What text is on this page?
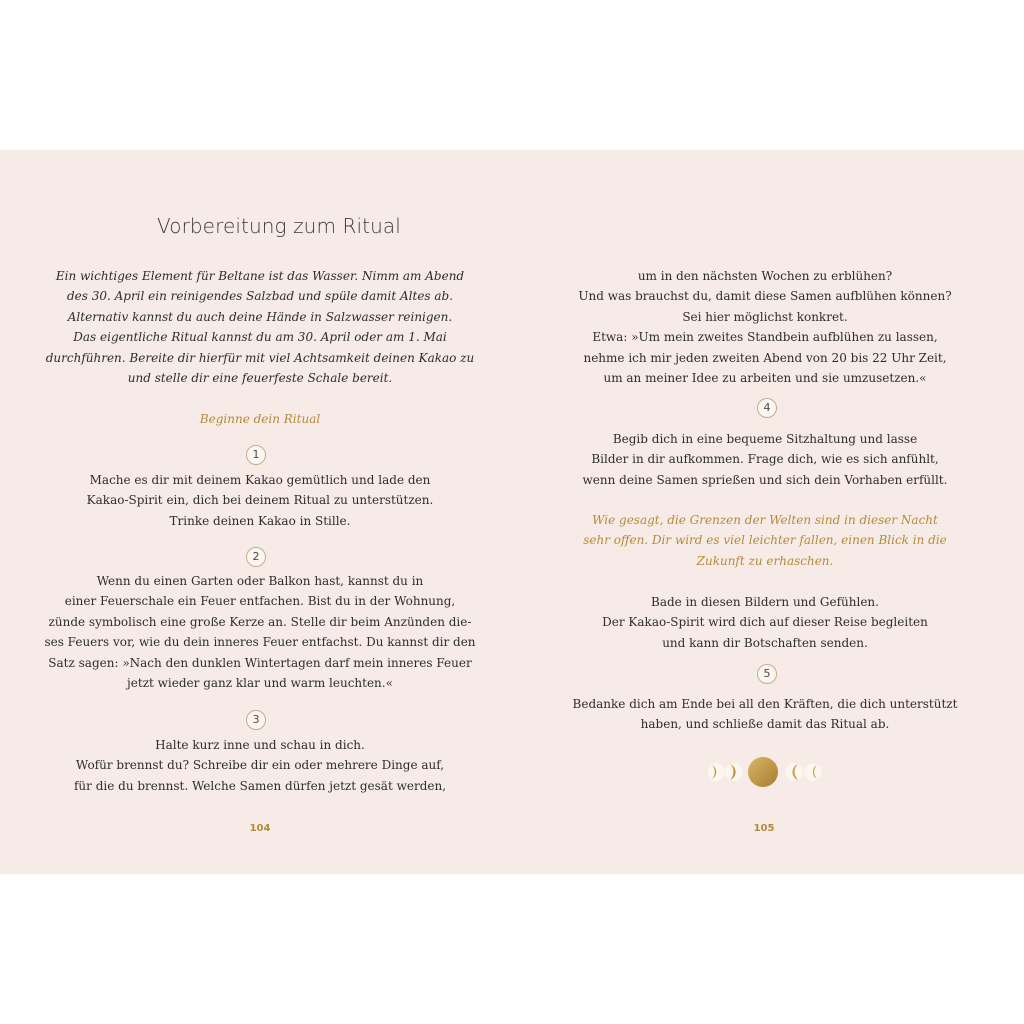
Vorbereitung zum Ritual
Ein wichtiges Element für Beltane ist das Wasser. Nimm am Abend
des 30. April ein reinigendes Salzbad und spüle damit Altes ab.
Alternativ kannst du auch deine Hände in Salzwasser reinigen.
Das eigentliche Ritual kannst du am 30. April oder am 1. Mai
durchführen. Bereite dir hierfür mit viel Achtsamkeit deinen Kakao zu
und stelle dir eine feuerfeste Schale bereit.
Beginne dein Ritual
1
Mache es dir mit deinem Kakao gemütlich und lade den
Kakao-Spirit ein, dich bei deinem Ritual zu unterstützen.
Trinke deinen Kakao in Stille.
2
Wenn du einen Garten oder Balkon hast, kannst du in
einer Feuerschale ein Feuer entfachen. Bist du in der Wohnung,
zünde symbolisch eine große Kerze an. Stelle dir beim Anzünden die-
ses Feuers vor, wie du dein inneres Feuer entfachst. Du kannst dir den
Satz sagen: »Nach den dunklen Wintertagen darf mein inneres Feuer
jetzt wieder ganz klar und warm leuchten.«
3
Halte kurz inne und schau in dich.
Wofür brennst du? Schreibe dir ein oder mehrere Dinge auf,
für die du brennst. Welche Samen dürfen jetzt gesät werden,
104
um in den nächsten Wochen zu erblühen?
Und was brauchst du, damit diese Samen aufblühen können?
Sei hier möglichst konkret.
Etwa: »Um mein zweites Standbein aufblühen zu lassen,
nehme ich mir jeden zweiten Abend von 20 bis 22 Uhr Zeit,
um an meiner Idee zu arbeiten und sie umzusetzen.«
4
Begib dich in eine bequeme Sitzhaltung und lasse
Bilder in dir aufkommen. Frage dich, wie es sich anfühlt,
wenn deine Samen sprießen und sich dein Vorhaben erfüllt.
Wie gesagt, die Grenzen der Welten sind in dieser Nacht
sehr offen. Dir wird es viel leichter fallen, einen Blick in die
Zukunft zu erhaschen.
Bade in diesen Bildern und Gefühlen.
Der Kakao-Spirit wird dich auf dieser Reise begleiten
und kann dir Botschaften senden.
5
Bedanke dich am Ende bei all den Kräften, die dich unterstützt
haben, und schließe damit das Ritual ab.
105
